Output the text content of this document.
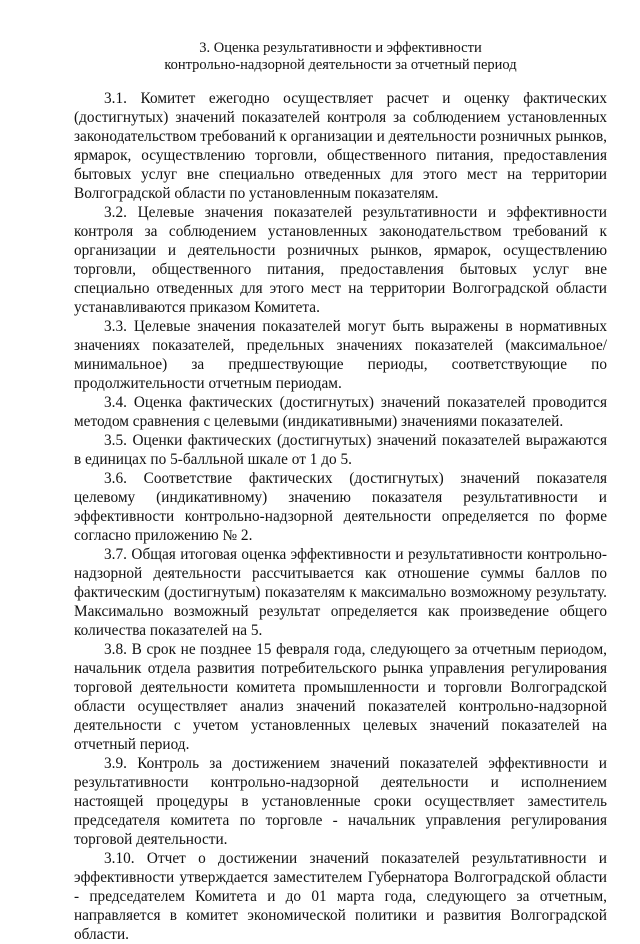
3. Оценка результативности и эффективности
контрольно-надзорной деятельности за отчетный период

3.1. Комитет ежегодно осуществляет расчет и оценку фактических (достигнутых) значений показателей контроля за соблюдением установленных законодательством требований к организации и деятельности розничных рынков, ярмарок, осуществлению торговли, общественного питания, предоставления бытовых услуг вне специально отведенных для этого мест на территории Волгоградской области по установленным показателям.

3.2. Целевые значения показателей результативности и эффективности контроля за соблюдением установленных законодательством требований к организации и деятельности розничных рынков, ярмарок, осуществлению торговли, общественного питания, предоставления бытовых услуг вне специально отведенных для этого мест на территории Волгоградской области устанавливаются приказом Комитета.

3.3. Целевые значения показателей могут быть выражены в нормативных значениях показателей, предельных значениях показателей (максимальное/минимальное) за предшествующие периоды, соответствующие по продолжительности отчетным периодам.

3.4. Оценка фактических (достигнутых) значений показателей проводится методом сравнения с целевыми (индикативными) значениями показателей.

3.5. Оценки фактических (достигнутых) значений показателей выражаются в единицах по 5-балльной шкале от 1 до 5.

3.6. Соответствие фактических (достигнутых) значений показателя целевому (индикативному) значению показателя результативности и эффективности контрольно-надзорной деятельности определяется по форме согласно приложению № 2.

3.7. Общая итоговая оценка эффективности и результативности контрольно-надзорной деятельности рассчитывается как отношение суммы баллов по фактическим (достигнутым) показателям к максимально возможному результату. Максимально возможный результат определяется как произведение общего количества показателей на 5.

3.8. В срок не позднее 15 февраля года, следующего за отчетным периодом, начальник отдела развития потребительского рынка управления регулирования торговой деятельности комитета промышленности и торговли Волгоградской области осуществляет анализ значений показателей контрольно-надзорной деятельности с учетом установленных целевых значений показателей на отчетный период.

3.9. Контроль за достижением значений показателей эффективности и результативности контрольно-надзорной деятельности и исполнением настоящей процедуры в установленные сроки осуществляет заместитель председателя комитета по торговле - начальник управления регулирования торговой деятельности.

3.10. Отчет о достижении значений показателей результативности и эффективности утверждается заместителем Губернатора Волгоградской области - председателем Комитета и до 01 марта года, следующего за отчетным, направляется в комитет экономической политики и развития Волгоградской области.
